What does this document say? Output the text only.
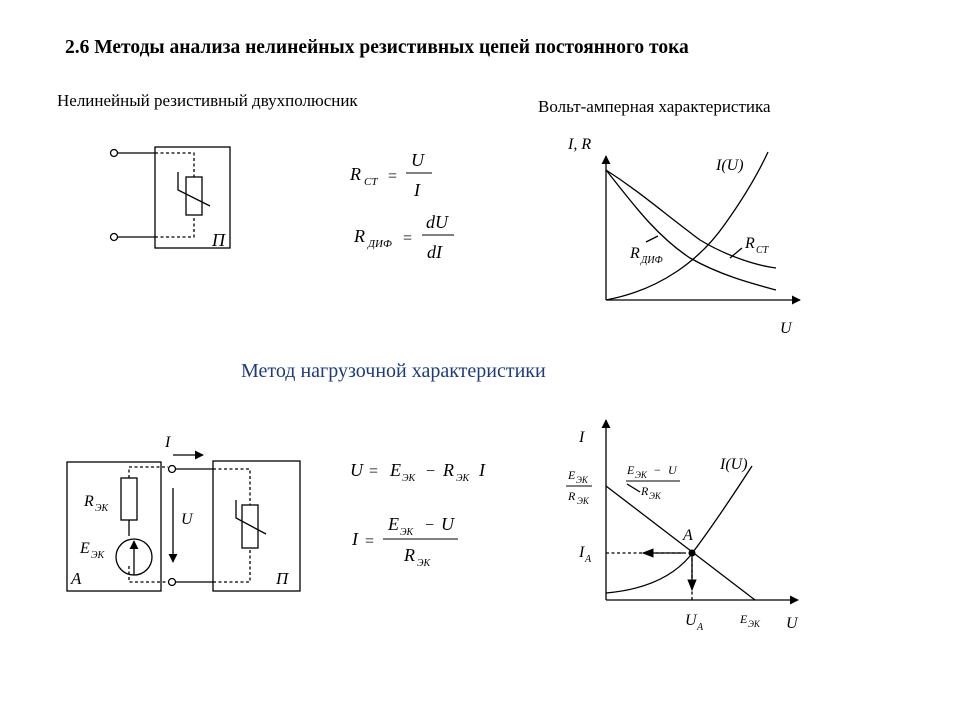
2.6 Методы анализа нелинейных резистивных цепей постоянного тока
Нелинейный резистивный двухполюсник	Вольт-амперная характеристика
Метод нагрузочной характеристики
П
R СТ =
U
I
R ДИФ =
dU
dI
I, R
U
I(U)
R СТ
R ДИФ
I
U
R ЭК
E ЭК
А	П
U = E ЭК − R ЭК I
I =
E ЭК − U
R ЭК
I
U
I(U)
A
I A
U A
E ЭК
E ЭК
R ЭК
E ЭК − U
R ЭК
